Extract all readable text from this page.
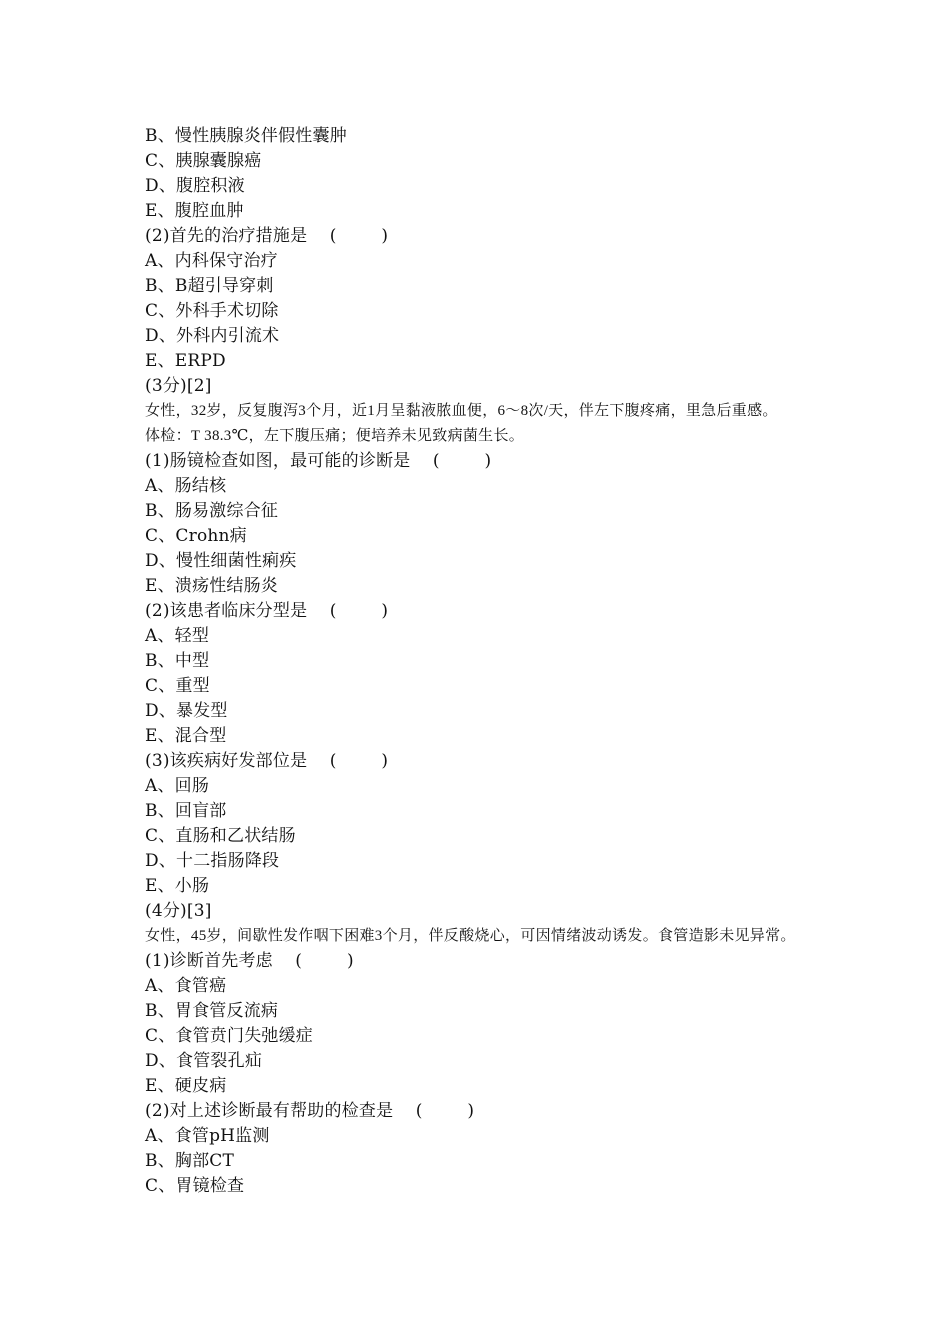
B、慢性胰腺炎伴假性囊肿
C、胰腺囊腺癌
D、腹腔积液
E、腹腔血肿
(2)首先的治疗措施是    (        )
A、内科保守治疗
B、B超引导穿刺
C、外科手术切除
D、外科内引流术
E、ERPD
(3分)[2]
女性，32岁，反复腹泻3个月，近1月呈黏液脓血便，6～8次/天，伴左下腹疼痛，里急后重感。
体检：T 38.3℃，左下腹压痛；便培养未见致病菌生长。
(1)肠镜检查如图，最可能的诊断是    (        )
A、肠结核
B、肠易激综合征
C、Crohn病
D、慢性细菌性痢疾
E、溃疡性结肠炎
(2)该患者临床分型是    (        )
A、轻型
B、中型
C、重型
D、暴发型
E、混合型
(3)该疾病好发部位是    (        )
A、回肠
B、回盲部
C、直肠和乙状结肠
D、十二指肠降段
E、小肠
(4分)[3]
女性，45岁，间歇性发作咽下困难3个月，伴反酸烧心，可因情绪波动诱发。食管造影未见异常。
(1)诊断首先考虑    (        )
A、食管癌
B、胃食管反流病
C、食管贲门失弛缓症
D、食管裂孔疝
E、硬皮病
(2)对上述诊断最有帮助的检查是    (        )
A、食管pH监测
B、胸部CT
C、胃镜检查
